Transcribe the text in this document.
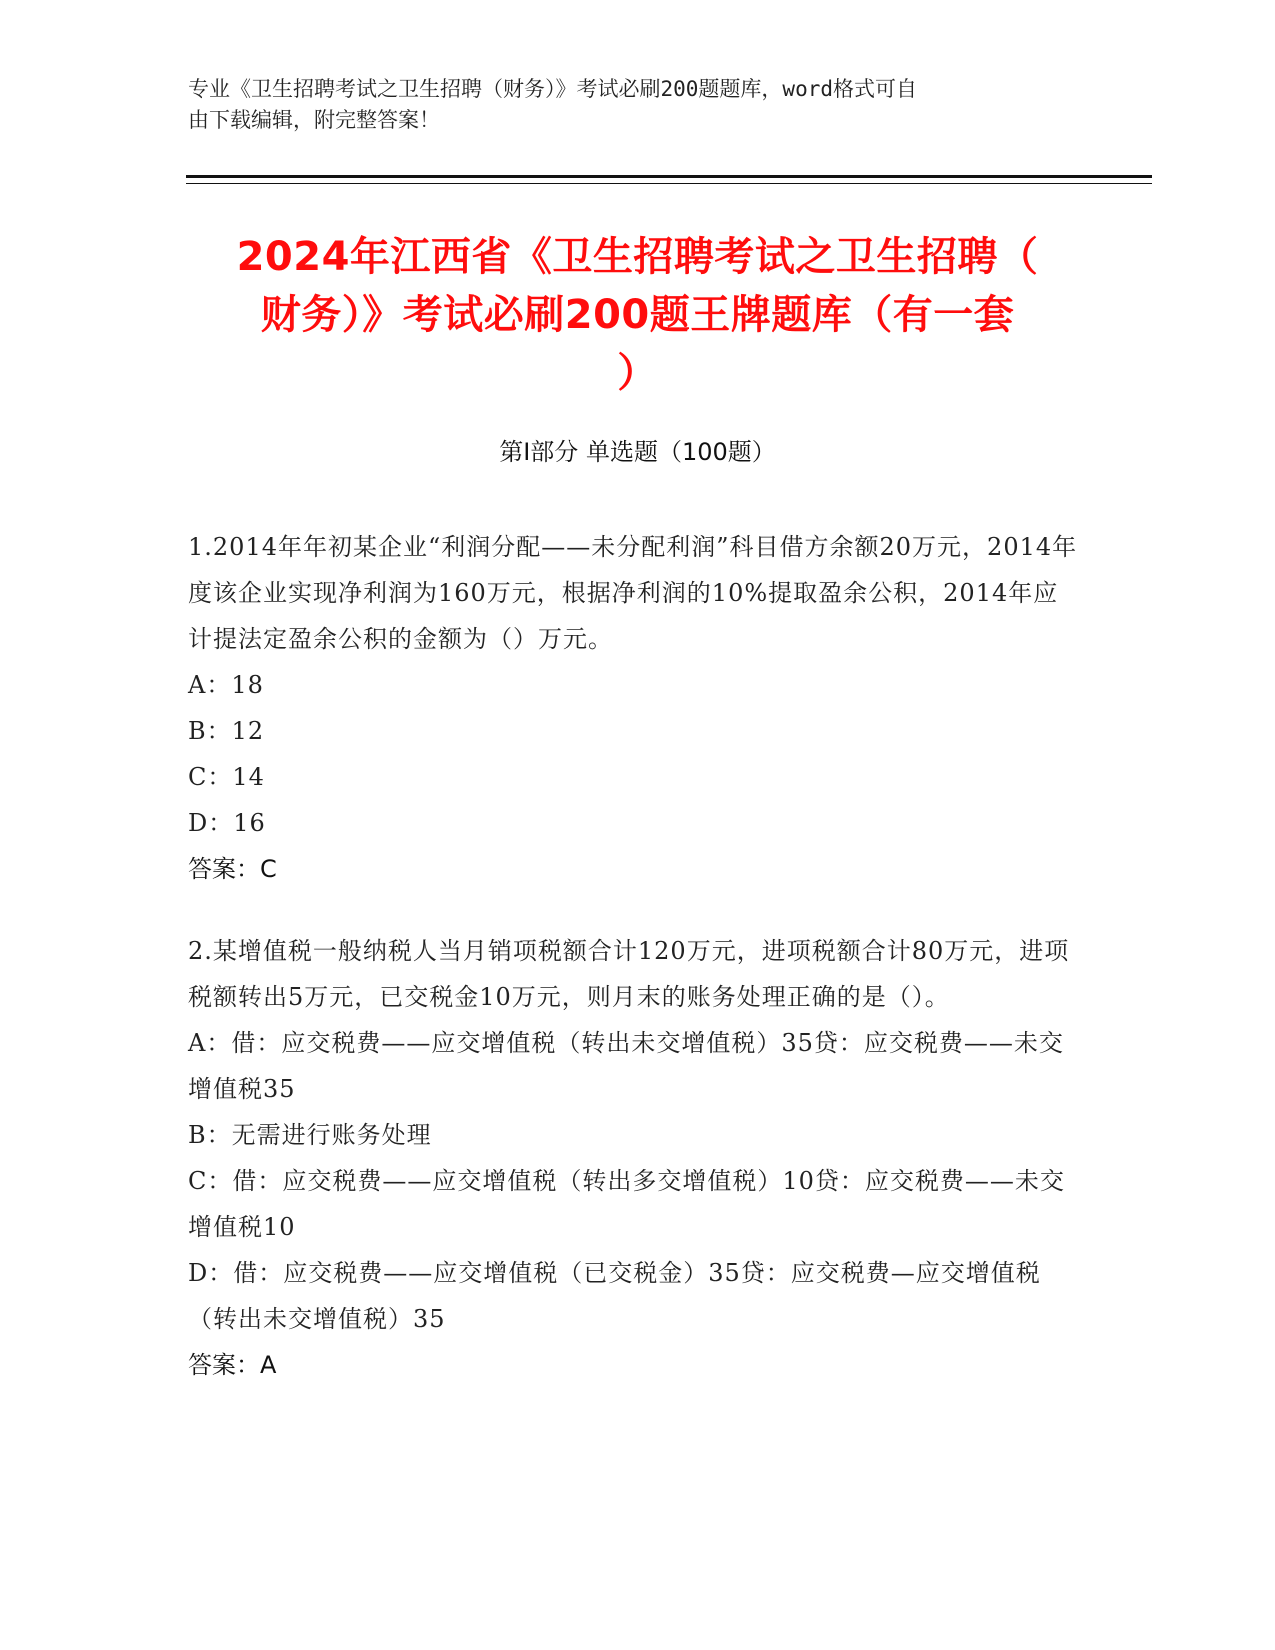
专业《卫生招聘考试之卫生招聘（财务）》考试必刷200题题库，word格式可自
由下载编辑，附完整答案！
2024年江西省《卫生招聘考试之卫生招聘（
财务）》考试必刷200题王牌题库（有一套
）
第Ⅰ部分 单选题（100题）

1.2014年年初某企业“利润分配——未分配利润”科目借方余额20万元，2014年度该企业实现净利润为160万元，根据净利润的10%提取盈余公积，2014年应计提法定盈余公积的金额为（）万元。

A：18

B：12

C：14

D：16

答案：C

2.某增值税一般纳税人当月销项税额合计120万元，进项税额合计80万元，进项税额转出5万元，已交税金10万元，则月末的账务处理正确的是（）。

A：借：应交税费——应交增值税（转出未交增值税）35贷：应交税费——未交增值税35

B：无需进行账务处理

C：借：应交税费——应交增值税（转出多交增值税）10贷：应交税费——未交增值税10

D：借：应交税费——应交增值税（已交税金）35贷：应交税费—应交增值税（转出未交增值税）35

答案：A
